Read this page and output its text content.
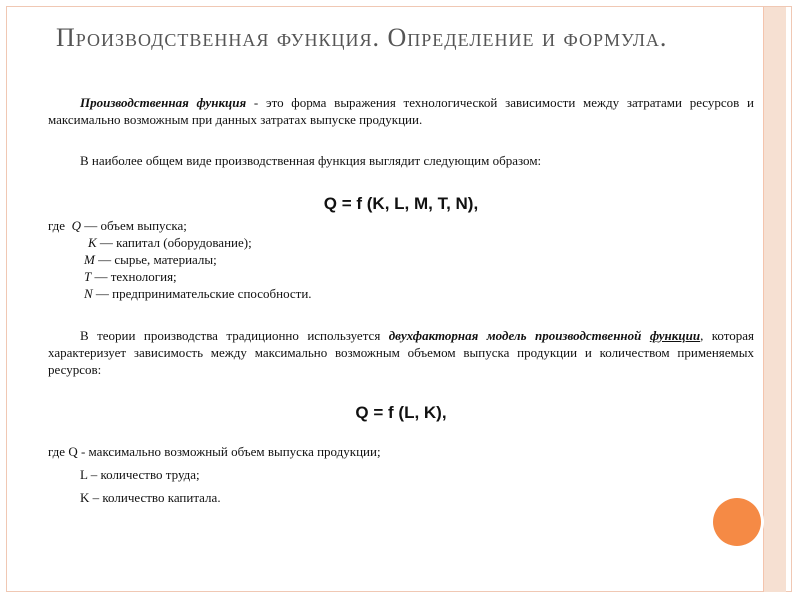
Производственная функция. Определение и формула.

Производственная функция - это форма выражения технологической зависимости между затратами ресурсов и максимально возможным при данных затратах выпуске продукции.

В наиболее общем виде производственная функция выглядит следующим образом:

Q = f (K, L, M, T, N),

где  Q — объем выпуска;
K — капитал (оборудование);
M — сырье, материалы;
T — технология;
N — предпринимательские способности.

В теории производства традиционно используется двухфакторная модель производственной функции, которая характеризует зависимость между максимально возможным объемом выпуска продукции и количеством применяемых ресурсов:

Q = f (L, K),

где Q - максимально возможный объем выпуска продукции;
L – количество труда;
K – количество капитала.
